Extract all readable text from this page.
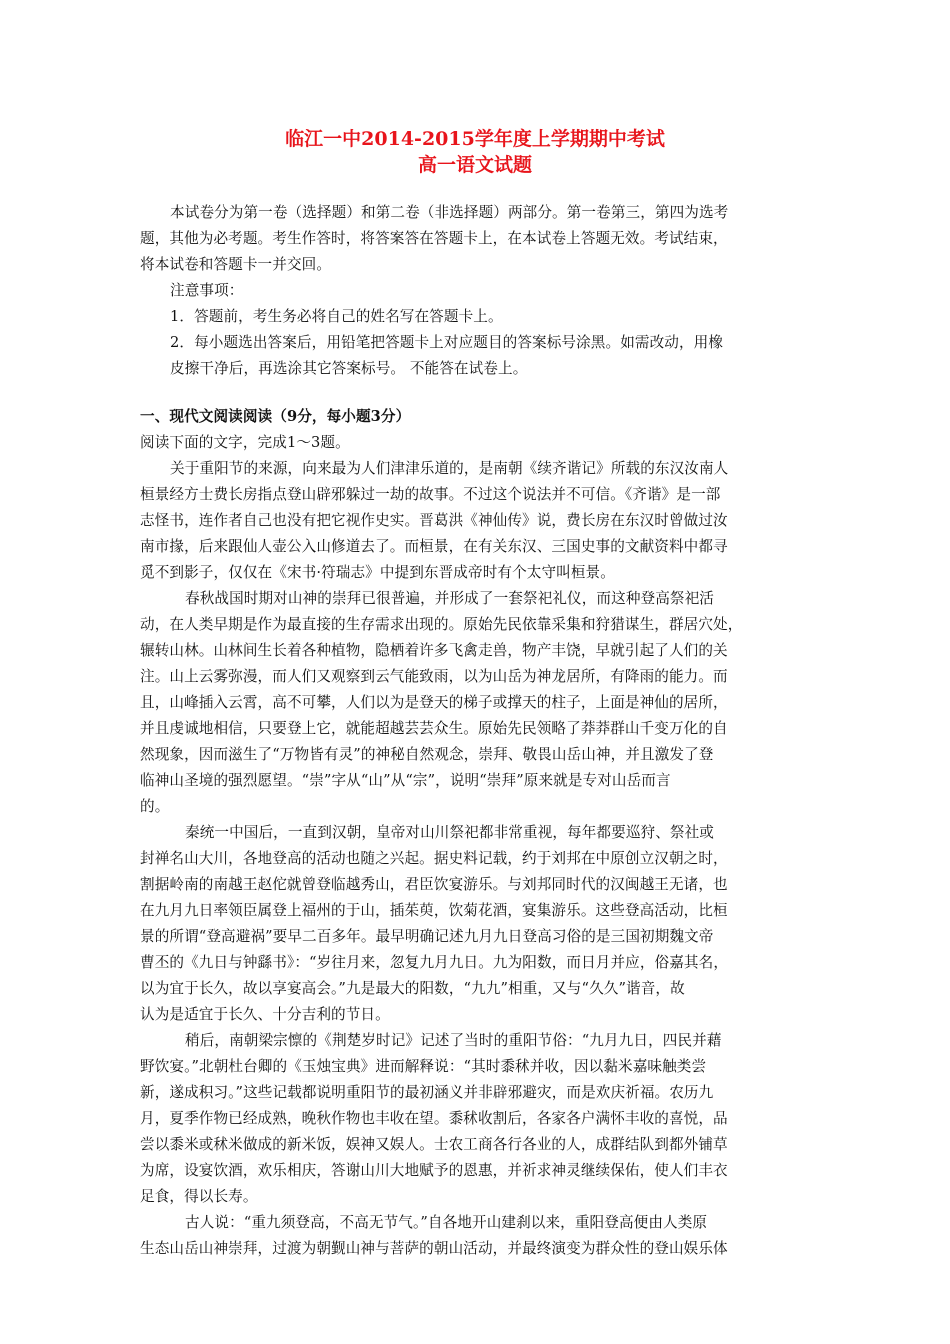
临江一中2014-2015学年度上学期期中考试
高一语文试题
本试卷分为第一卷（选择题）和第二卷（非选择题）两部分。第一卷第三，第四为选考
题，其他为必考题。考生作答时，将答案答在答题卡上，在本试卷上答题无效。考试结束，
将本试卷和答题卡一并交回。
注意事项：
1．答题前，考生务必将自己的姓名写在答题卡上。
2．每小题选出答案后，用铅笔把答题卡上对应题目的答案标号涂黑。如需改动，用橡
皮擦干净后，再选涂其它答案标号。 不能答在试卷上。
一、现代文阅读阅读（9分，每小题3分）
阅读下面的文字，完成1～3题。
关于重阳节的来源，向来最为人们津津乐道的，是南朝《续齐谐记》所载的东汉汝南人
桓景经方士费长房指点登山辟邪躲过一劫的故事。不过这个说法并不可信。《齐谐》是一部
志怪书，连作者自己也没有把它视作史实。晋葛洪《神仙传》说，费长房在东汉时曾做过汝
南市掾，后来跟仙人壶公入山修道去了。而桓景，在有关东汉、三国史事的文献资料中都寻
觅不到影子，仅仅在《宋书·符瑞志》中提到东晋成帝时有个太守叫桓景。
春秋战国时期对山神的崇拜已很普遍，并形成了一套祭祀礼仪，而这种登高祭祀活
动，在人类早期是作为最直接的生存需求出现的。原始先民依靠采集和狩猎谋生，群居穴处，
辗转山林。山林间生长着各种植物，隐栖着许多飞禽走兽，物产丰饶，早就引起了人们的关
注。山上云雾弥漫，而人们又观察到云气能致雨，以为山岳为神龙居所，有降雨的能力。而
且，山峰插入云霄，高不可攀，人们以为是登天的梯子或撑天的柱子，上面是神仙的居所，
并且虔诚地相信，只要登上它，就能超越芸芸众生。原始先民领略了莽莽群山千变万化的自
然现象，因而滋生了“万物皆有灵”的神秘自然观念，崇拜、敬畏山岳山神，并且激发了登
临神山圣境的强烈愿望。“崇”字从“山”从“宗”，说明“崇拜”原来就是专对山岳而言
的。
秦统一中国后，一直到汉朝，皇帝对山川祭祀都非常重视，每年都要巡狩、祭社或
封禅名山大川，各地登高的活动也随之兴起。据史料记载，约于刘邦在中原创立汉朝之时，
割据岭南的南越王赵佗就曾登临越秀山，君臣饮宴游乐。与刘邦同时代的汉闽越王无诸，也
在九月九日率领臣属登上福州的于山，插茱萸，饮菊花酒，宴集游乐。这些登高活动，比桓
景的所谓“登高避祸”要早二百多年。最早明确记述九月九日登高习俗的是三国初期魏文帝
曹丕的《九日与钟繇书》：“岁往月来，忽复九月九日。九为阳数，而日月并应，俗嘉其名，
以为宜于长久，故以享宴高会。”九是最大的阳数，“九九”相重，又与“久久”谐音，故
认为是适宜于长久、十分吉利的节日。
稍后，南朝梁宗懔的《荆楚岁时记》记述了当时的重阳节俗：“九月九日，四民并藉
野饮宴。”北朝杜台卿的《玉烛宝典》进而解释说：“其时黍秫并收，因以黏米嘉味触类尝
新，遂成积习。”这些记载都说明重阳节的最初涵义并非辟邪避灾，而是欢庆祈福。农历九
月，夏季作物已经成熟，晚秋作物也丰收在望。黍秫收割后，各家各户满怀丰收的喜悦，品
尝以黍米或秫米做成的新米饭，娱神又娱人。士农工商各行各业的人，成群结队到都外铺草
为席，设宴饮酒，欢乐相庆，答谢山川大地赋予的恩惠，并祈求神灵继续保佑，使人们丰衣
足食，得以长寿。
古人说：“重九须登高，不高无节气。”自各地开山建刹以来，重阳登高便由人类原
生态山岳山神崇拜，过渡为朝觐山神与菩萨的朝山活动，并最终演变为群众性的登山娱乐体
